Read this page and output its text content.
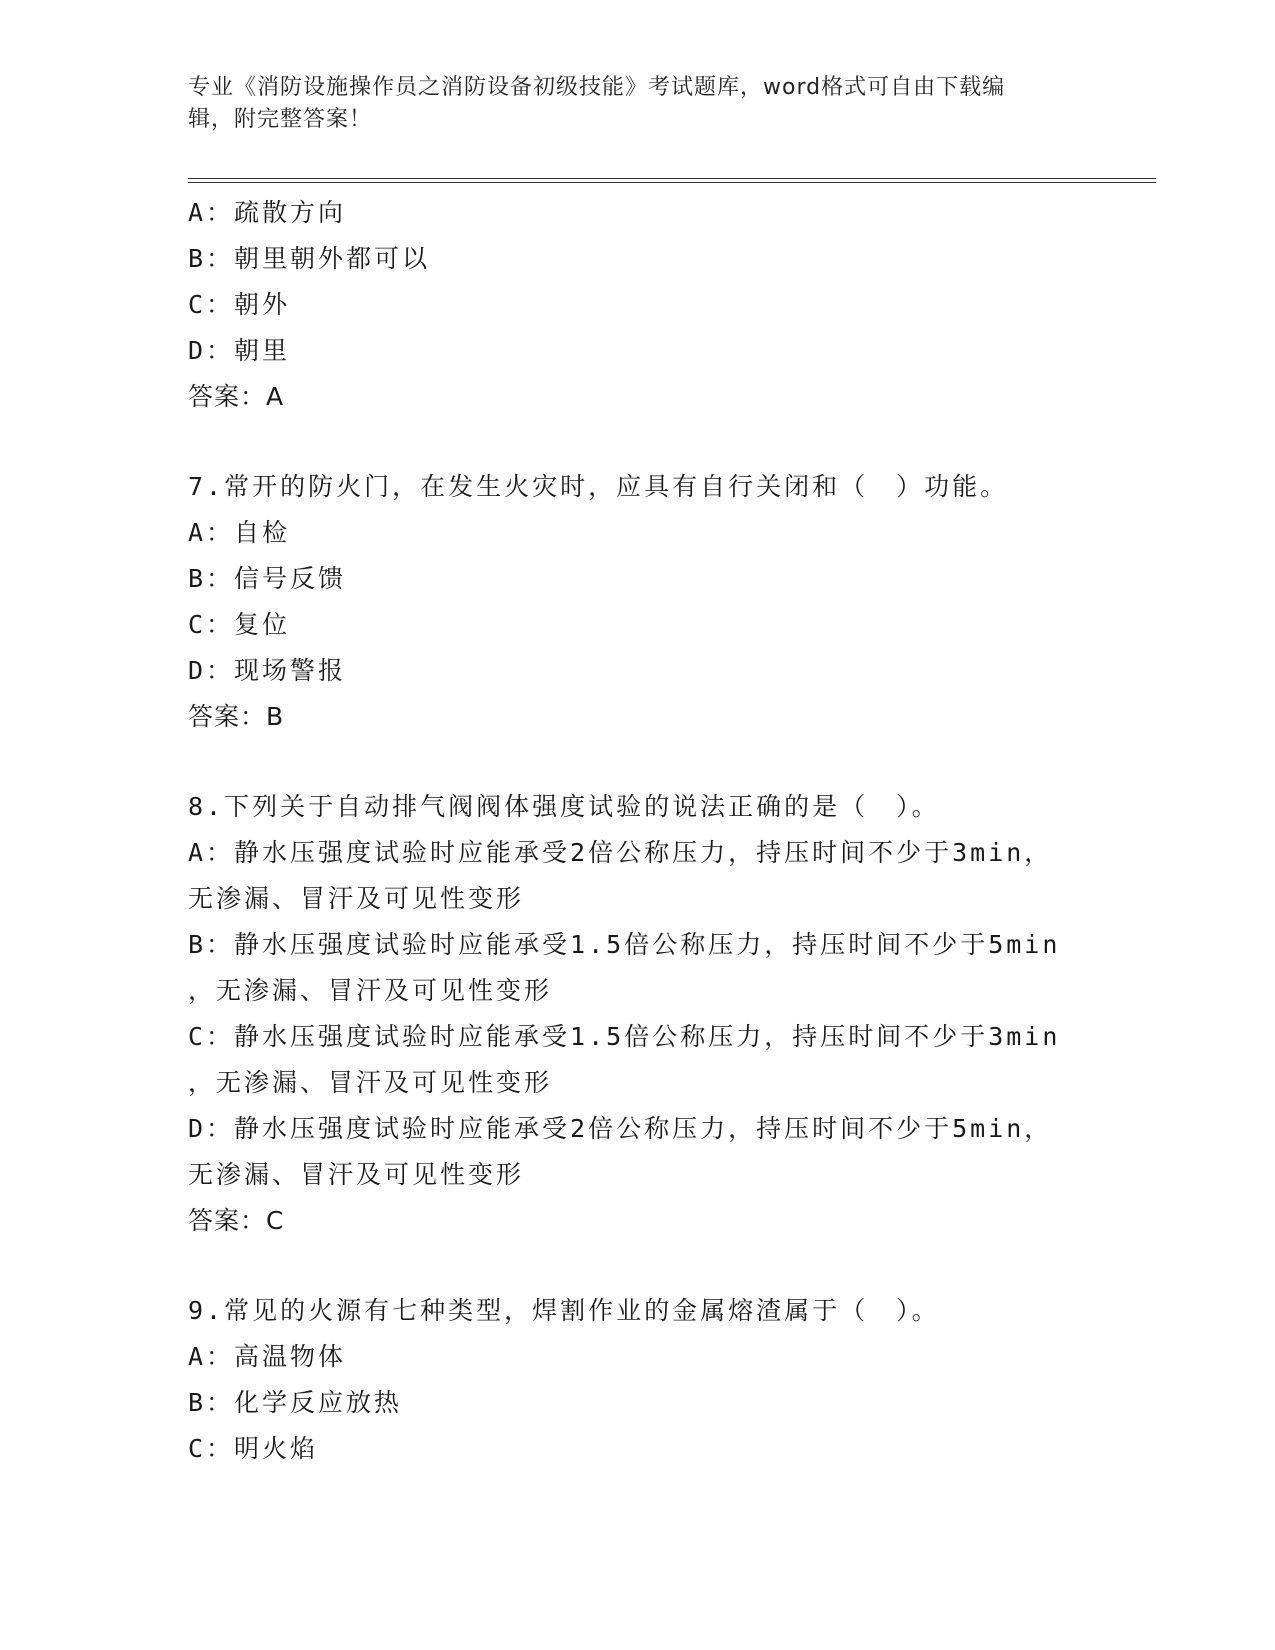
专业《消防设施操作员之消防设备初级技能》考试题库，word格式可自由下载编
辑，附完整答案！
A：疏散方向
B：朝里朝外都可以
C：朝外
D：朝里
答案：A
7.常开的防火门，在发生火灾时，应具有自行关闭和（　）功能。
A：自检
B：信号反馈
C：复位
D：现场警报
答案：B
8.下列关于自动排气阀阀体强度试验的说法正确的是（　）。
A：静水压强度试验时应能承受2倍公称压力，持压时间不少于3min，
无渗漏、冒汗及可见性变形
B：静水压强度试验时应能承受1.5倍公称压力，持压时间不少于5min
，无渗漏、冒汗及可见性变形
C：静水压强度试验时应能承受1.5倍公称压力，持压时间不少于3min
，无渗漏、冒汗及可见性变形
D：静水压强度试验时应能承受2倍公称压力，持压时间不少于5min，
无渗漏、冒汗及可见性变形
答案：C
9.常见的火源有七种类型，焊割作业的金属熔渣属于（　）。
A：高温物体
B：化学反应放热
C：明火焰
